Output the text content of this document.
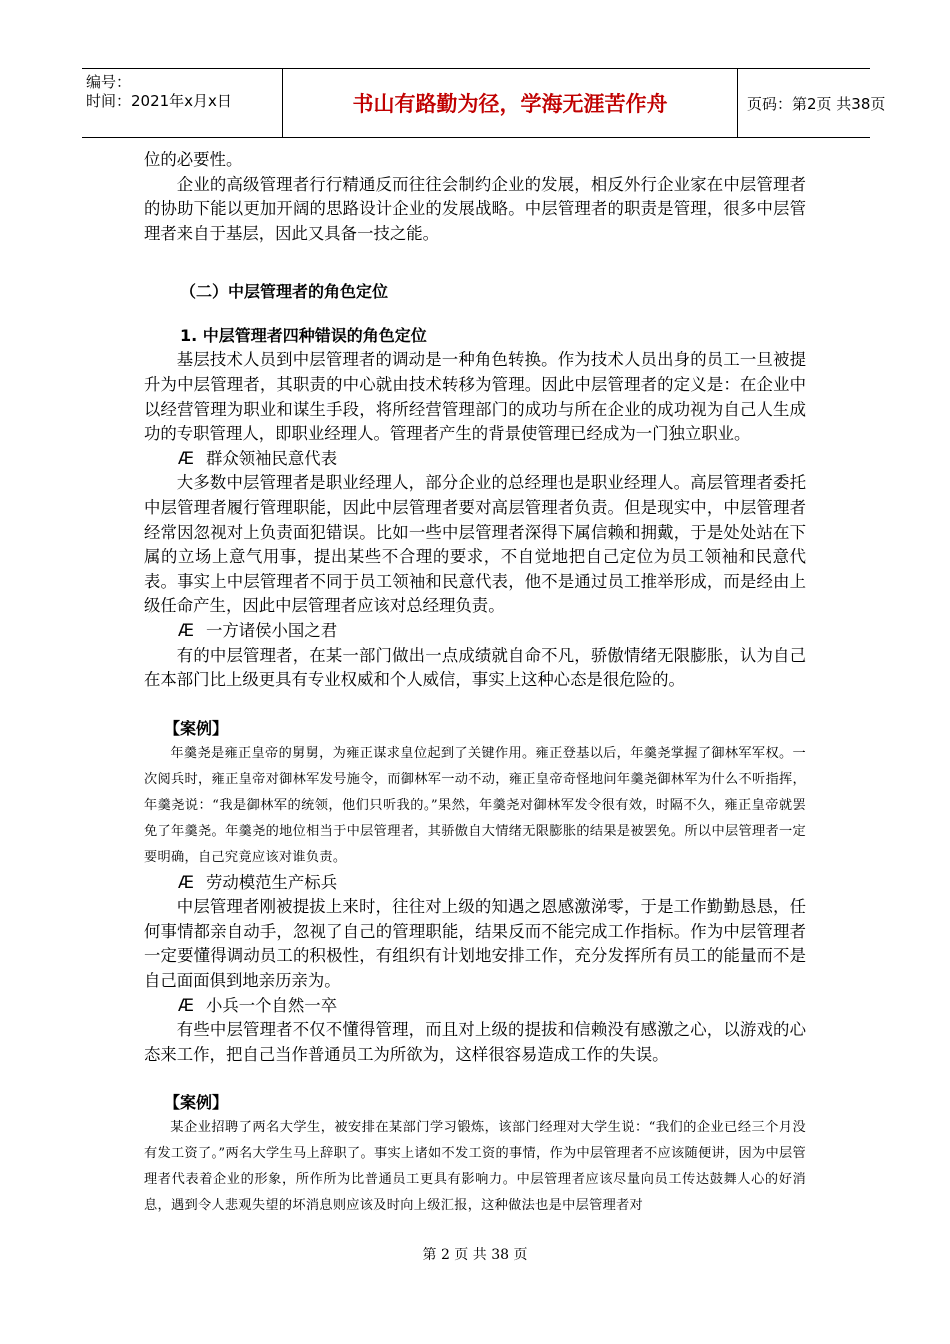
编号：
时间：2021年x月x日	书山有路勤为径，学海无涯苦作舟	页码：第2页 共38页

位的必要性。

企业的高级管理者行行精通反而往往会制约企业的发展，相反外行企业家在中层管理者的协助下能以更加开阔的思路设计企业的发展战略。中层管理者的职责是管理，很多中层管理者来自于基层，因此又具备一技之能。

（二）中层管理者的角色定位
1. 中层管理者四种错误的角色定位

基层技术人员到中层管理者的调动是一种角色转换。作为技术人员出身的员工一旦被提升为中层管理者，其职责的中心就由技术转移为管理。因此中层管理者的定义是：在企业中以经营管理为职业和谋生手段，将所经营管理部门的成功与所在企业的成功视为自己人生成功的专职管理人，即职业经理人。管理者产生的背景使管理已经成为一门独立职业。

Æ 群众领袖民意代表

大多数中层管理者是职业经理人，部分企业的总经理也是职业经理人。高层管理者委托中层管理者履行管理职能，因此中层管理者要对高层管理者负责。但是现实中，中层管理者经常因忽视对上负责面犯错误。比如一些中层管理者深得下属信赖和拥戴，于是处处站在下属的立场上意气用事，提出某些不合理的要求，不自觉地把自己定位为员工领袖和民意代表。事实上中层管理者不同于员工领袖和民意代表，他不是通过员工推举形成，而是经由上级任命产生，因此中层管理者应该对总经理负责。

Æ 一方诸侯小国之君

有的中层管理者，在某一部门做出一点成绩就自命不凡，骄傲情绪无限膨胀，认为自己在本部门比上级更具有专业权威和个人威信，事实上这种心态是很危险的。

【案例】

年羹尧是雍正皇帝的舅舅，为雍正谋求皇位起到了关键作用。雍正登基以后，年羹尧掌握了御林军军权。一次阅兵时，雍正皇帝对御林军发号施令，而御林军一动不动，雍正皇帝奇怪地问年羹尧御林军为什么不听指挥，年羹尧说：“我是御林军的统领，他们只听我的。”果然，年羹尧对御林军发令很有效，时隔不久，雍正皇帝就罢免了年羹尧。年羹尧的地位相当于中层管理者，其骄傲自大情绪无限膨胀的结果是被罢免。所以中层管理者一定要明确，自己究竟应该对谁负责。

Æ 劳动模范生产标兵

中层管理者刚被提拔上来时，往往对上级的知遇之恩感激涕零，于是工作勤勤恳恳，任何事情都亲自动手，忽视了自己的管理职能，结果反而不能完成工作指标。作为中层管理者一定要懂得调动员工的积极性，有组织有计划地安排工作，充分发挥所有员工的能量而不是自己面面俱到地亲历亲为。

Æ 小兵一个自然一卒

有些中层管理者不仅不懂得管理，而且对上级的提拔和信赖没有感激之心，以游戏的心态来工作，把自己当作普通员工为所欲为，这样很容易造成工作的失误。

【案例】

某企业招聘了两名大学生，被安排在某部门学习锻炼，该部门经理对大学生说：“我们的企业已经三个月没有发工资了。”两名大学生马上辞职了。事实上诸如不发工资的事情，作为中层管理者不应该随便讲，因为中层管理者代表着企业的形象，所作所为比普通员工更具有影响力。中层管理者应该尽量向员工传达鼓舞人心的好消息，遇到令人悲观失望的坏消息则应该及时向上级汇报，这种做法也是中层管理者对

第 2 页 共 38 页
